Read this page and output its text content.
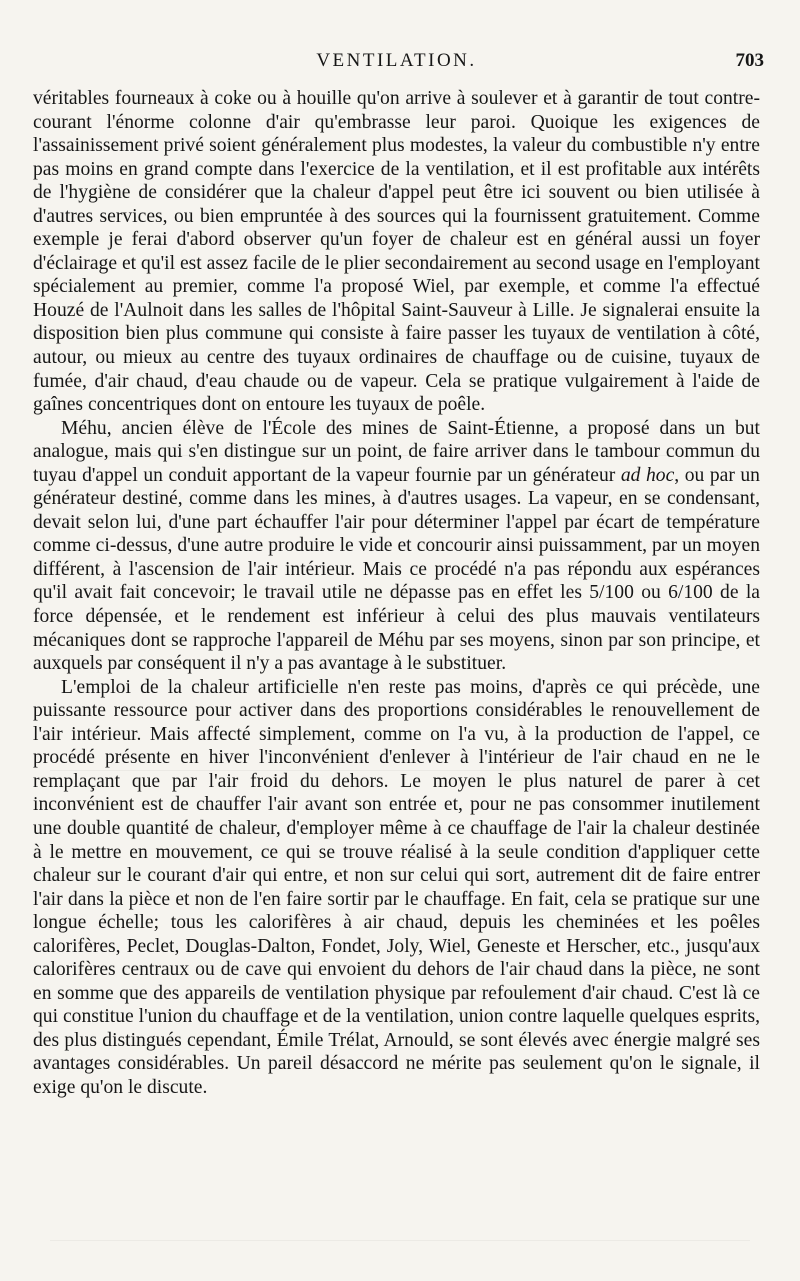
VENTILATION.	703

véritables fourneaux à coke ou à houille qu'on arrive à soulever et à garantir de tout contre-courant l'énorme colonne d'air qu'embrasse leur paroi. Quoique les exigences de l'assainissement privé soient généralement plus modestes, la valeur du combustible n'y entre pas moins en grand compte dans l'exercice de la ventilation, et il est profitable aux intérêts de l'hygiène de considérer que la chaleur d'appel peut être ici souvent ou bien utilisée à d'autres services, ou bien empruntée à des sources qui la fournissent gratuitement. Comme exemple je ferai d'abord observer qu'un foyer de chaleur est en général aussi un foyer d'éclairage et qu'il est assez facile de le plier secondairement au second usage en l'employant spécialement au premier, comme l'a proposé Wiel, par exemple, et comme l'a effectué Houzé de l'Aulnoit dans les salles de l'hôpital Saint-Sauveur à Lille. Je signalerai ensuite la disposition bien plus commune qui consiste à faire passer les tuyaux de ventilation à côté, autour, ou mieux au centre des tuyaux ordinaires de chauffage ou de cuisine, tuyaux de fumée, d'air chaud, d'eau chaude ou de vapeur. Cela se pratique vulgairement à l'aide de gaînes concentriques dont on entoure les tuyaux de poêle.

Méhu, ancien élève de l'École des mines de Saint-Étienne, a proposé dans un but analogue, mais qui s'en distingue sur un point, de faire arriver dans le tambour commun du tuyau d'appel un conduit apportant de la vapeur fournie par un générateur ad hoc, ou par un générateur destiné, comme dans les mines, à d'autres usages. La vapeur, en se condensant, devait selon lui, d'une part échauffer l'air pour déterminer l'appel par écart de température comme ci-dessus, d'une autre produire le vide et concourir ainsi puissamment, par un moyen différent, à l'ascension de l'air intérieur. Mais ce procédé n'a pas répondu aux espérances qu'il avait fait concevoir; le travail utile ne dépasse pas en effet les 5/100 ou 6/100 de la force dépensée, et le rendement est inférieur à celui des plus mauvais ventilateurs mécaniques dont se rapproche l'appareil de Méhu par ses moyens, sinon par son principe, et auxquels par conséquent il n'y a pas avantage à le substituer.

L'emploi de la chaleur artificielle n'en reste pas moins, d'après ce qui précède, une puissante ressource pour activer dans des proportions considérables le renouvellement de l'air intérieur. Mais affecté simplement, comme on l'a vu, à la production de l'appel, ce procédé présente en hiver l'inconvénient d'enlever à l'intérieur de l'air chaud en ne le remplaçant que par l'air froid du dehors. Le moyen le plus naturel de parer à cet inconvénient est de chauffer l'air avant son entrée et, pour ne pas consommer inutilement une double quantité de chaleur, d'employer même à ce chauffage de l'air la chaleur destinée à le mettre en mouvement, ce qui se trouve réalisé à la seule condition d'appliquer cette chaleur sur le courant d'air qui entre, et non sur celui qui sort, autrement dit de faire entrer l'air dans la pièce et non de l'en faire sortir par le chauffage. En fait, cela se pratique sur une longue échelle; tous les calorifères à air chaud, depuis les cheminées et les poêles calorifères, Peclet, Douglas-Dalton, Fondet, Joly, Wiel, Geneste et Herscher, etc., jusqu'aux calorifères centraux ou de cave qui envoient du dehors de l'air chaud dans la pièce, ne sont en somme que des appareils de ventilation physique par refoulement d'air chaud. C'est là ce qui constitue l'union du chauffage et de la ventilation, union contre laquelle quelques esprits, des plus distingués cependant, Émile Trélat, Arnould, se sont élevés avec énergie malgré ses avantages considérables. Un pareil désaccord ne mérite pas seulement qu'on le signale, il exige qu'on le discute.
